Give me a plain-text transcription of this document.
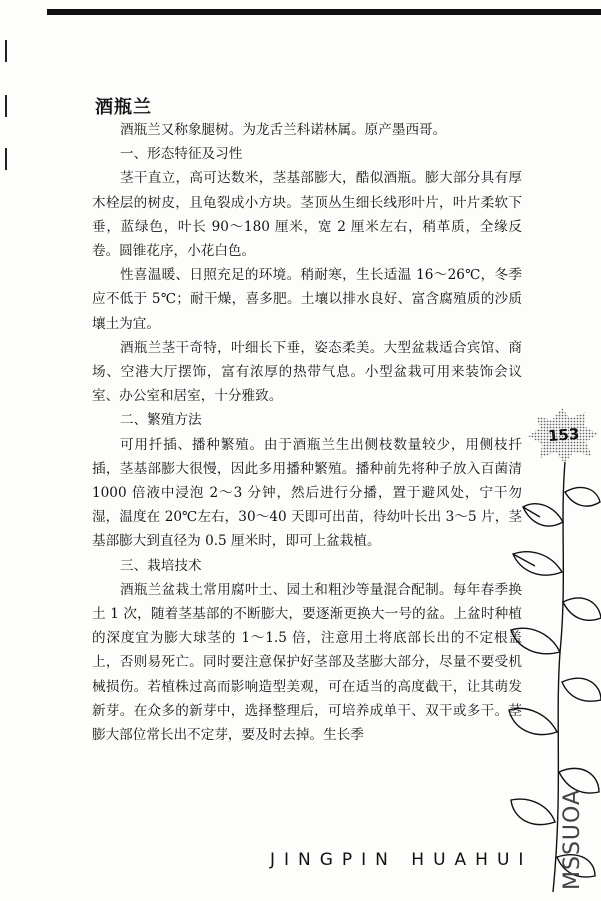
酒瓶兰

酒瓶兰又称象腿树。为龙舌兰科诺林属。原产墨西哥。

一、形态特征及习性

茎干直立，高可达数米，茎基部膨大，酷似酒瓶。膨大部分具有厚木栓层的树皮，且龟裂成小方块。茎顶丛生细长线形叶片，叶片柔软下垂，蓝绿色，叶长 90～180 厘米，宽 2 厘米左右，稍革质，全缘反卷。圆锥花序，小花白色。

性喜温暖、日照充足的环境。稍耐寒，生长适温 16～26℃，冬季应不低于 5℃；耐干燥，喜多肥。土壤以排水良好、富含腐殖质的沙质壤土为宜。

酒瓶兰茎干奇特，叶细长下垂，姿态柔美。大型盆栽适合宾馆、商场、空港大厅摆饰，富有浓厚的热带气息。小型盆栽可用来装饰会议室、办公室和居室，十分雅致。

二、繁殖方法

可用扦插、播种繁殖。由于酒瓶兰生出侧枝数量较少，用侧枝扦插，茎基部膨大很慢，因此多用播种繁殖。播种前先将种子放入百菌清 1000 倍液中浸泡 2～3 分钟，然后进行分播，置于避风处，宁干勿湿，温度在 20℃左右，30～40 天即可出苗，待幼叶长出 3～5 片，茎基部膨大到直径为 0.5 厘米时，即可上盆栽植。

三、栽培技术

酒瓶兰盆栽土常用腐叶土、园土和粗沙等量混合配制。每年春季换土 1 次，随着茎基部的不断膨大，要逐渐更换大一号的盆。上盆时种植的深度宜为膨大球茎的 1～1.5 倍，注意用土将底部长出的不定根盖上，否则易死亡。同时要注意保护好茎部及茎膨大部分，尽量不要受机械损伤。若植株过高而影响造型美观，可在适当的高度截干，让其萌发新芽。在众多的新芽中，选择整理后，可培养成单干、双干或多干。茎膨大部位常长出不定芽，要及时去掉。生长季

153
JINGPIN HUAHUI MSSUOA
